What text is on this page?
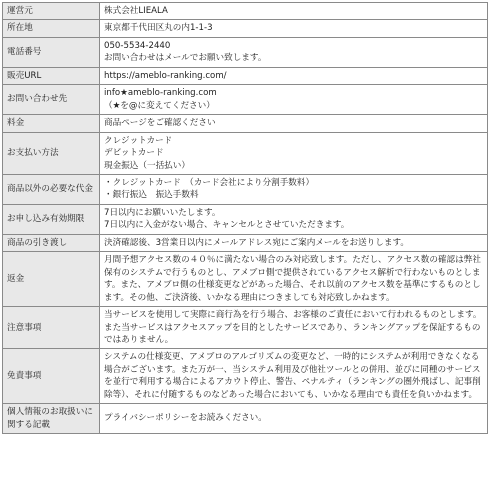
運営元	株式会社LIEALA

所在地	東京都千代田区丸の内1-1-3

電話番号	050-5534-2440
お問い合わせはメールでお願い致します。

販売URL	https://ameblo-ranking.com/

お問い合わせ先	info★ameblo-ranking.com
（★を@に変えてください）

料金	商品ページをご確認ください

お支払い方法	クレジットカード
デビットカード
現金振込（一括払い）

商品以外の必要な代金	・クレジットカード　（カード会社により分割手数料）
・銀行振込　振込手数料

お申し込み有効期限	7日以内にお願いいたします。
7日以内に入金がない場合、キャンセルとさせていただきます。

商品の引き渡し	決済確認後、3営業日以内にメールアドレス宛にご案内メールをお送りします。

返金	月間予想アクセス数の４０％に満たない場合のみ対応致します。ただし、アクセス数の確認は弊社保有のシステムで行うものとし、アメブロ側で提供されているアクセス解析で行わないものとします。また、アメブロ側の仕様変更などがあった場合、それ以前のアクセス数を基準にするものとします。その他、ご決済後、いかなる理由につきましても対応致しかねます。

注意事項	当サービスを使用して実際に商行為を行う場合、お客様のご責任において行われるものとします。また当サービスはアクセスアップを目的としたサービスであり、ランキングアップを保証するものではありません。

免責事項	システムの仕様変更、アメブロのアルゴリズムの変更など、一時的にシステムが利用できなくなる場合がございます。また万が一、当システム利用及び他社ツールとの併用、並びに同種のサービスを並行で利用する場合によるアカウト停止、警告、ペナルティ（ランキングの圏外飛ばし、記事削除等）、それに付随するものなどあった場合においても、いかなる理由でも責任を負いかねます。

個人情報のお取扱いに関する記載	プライバシーポリシーをお読みください。
